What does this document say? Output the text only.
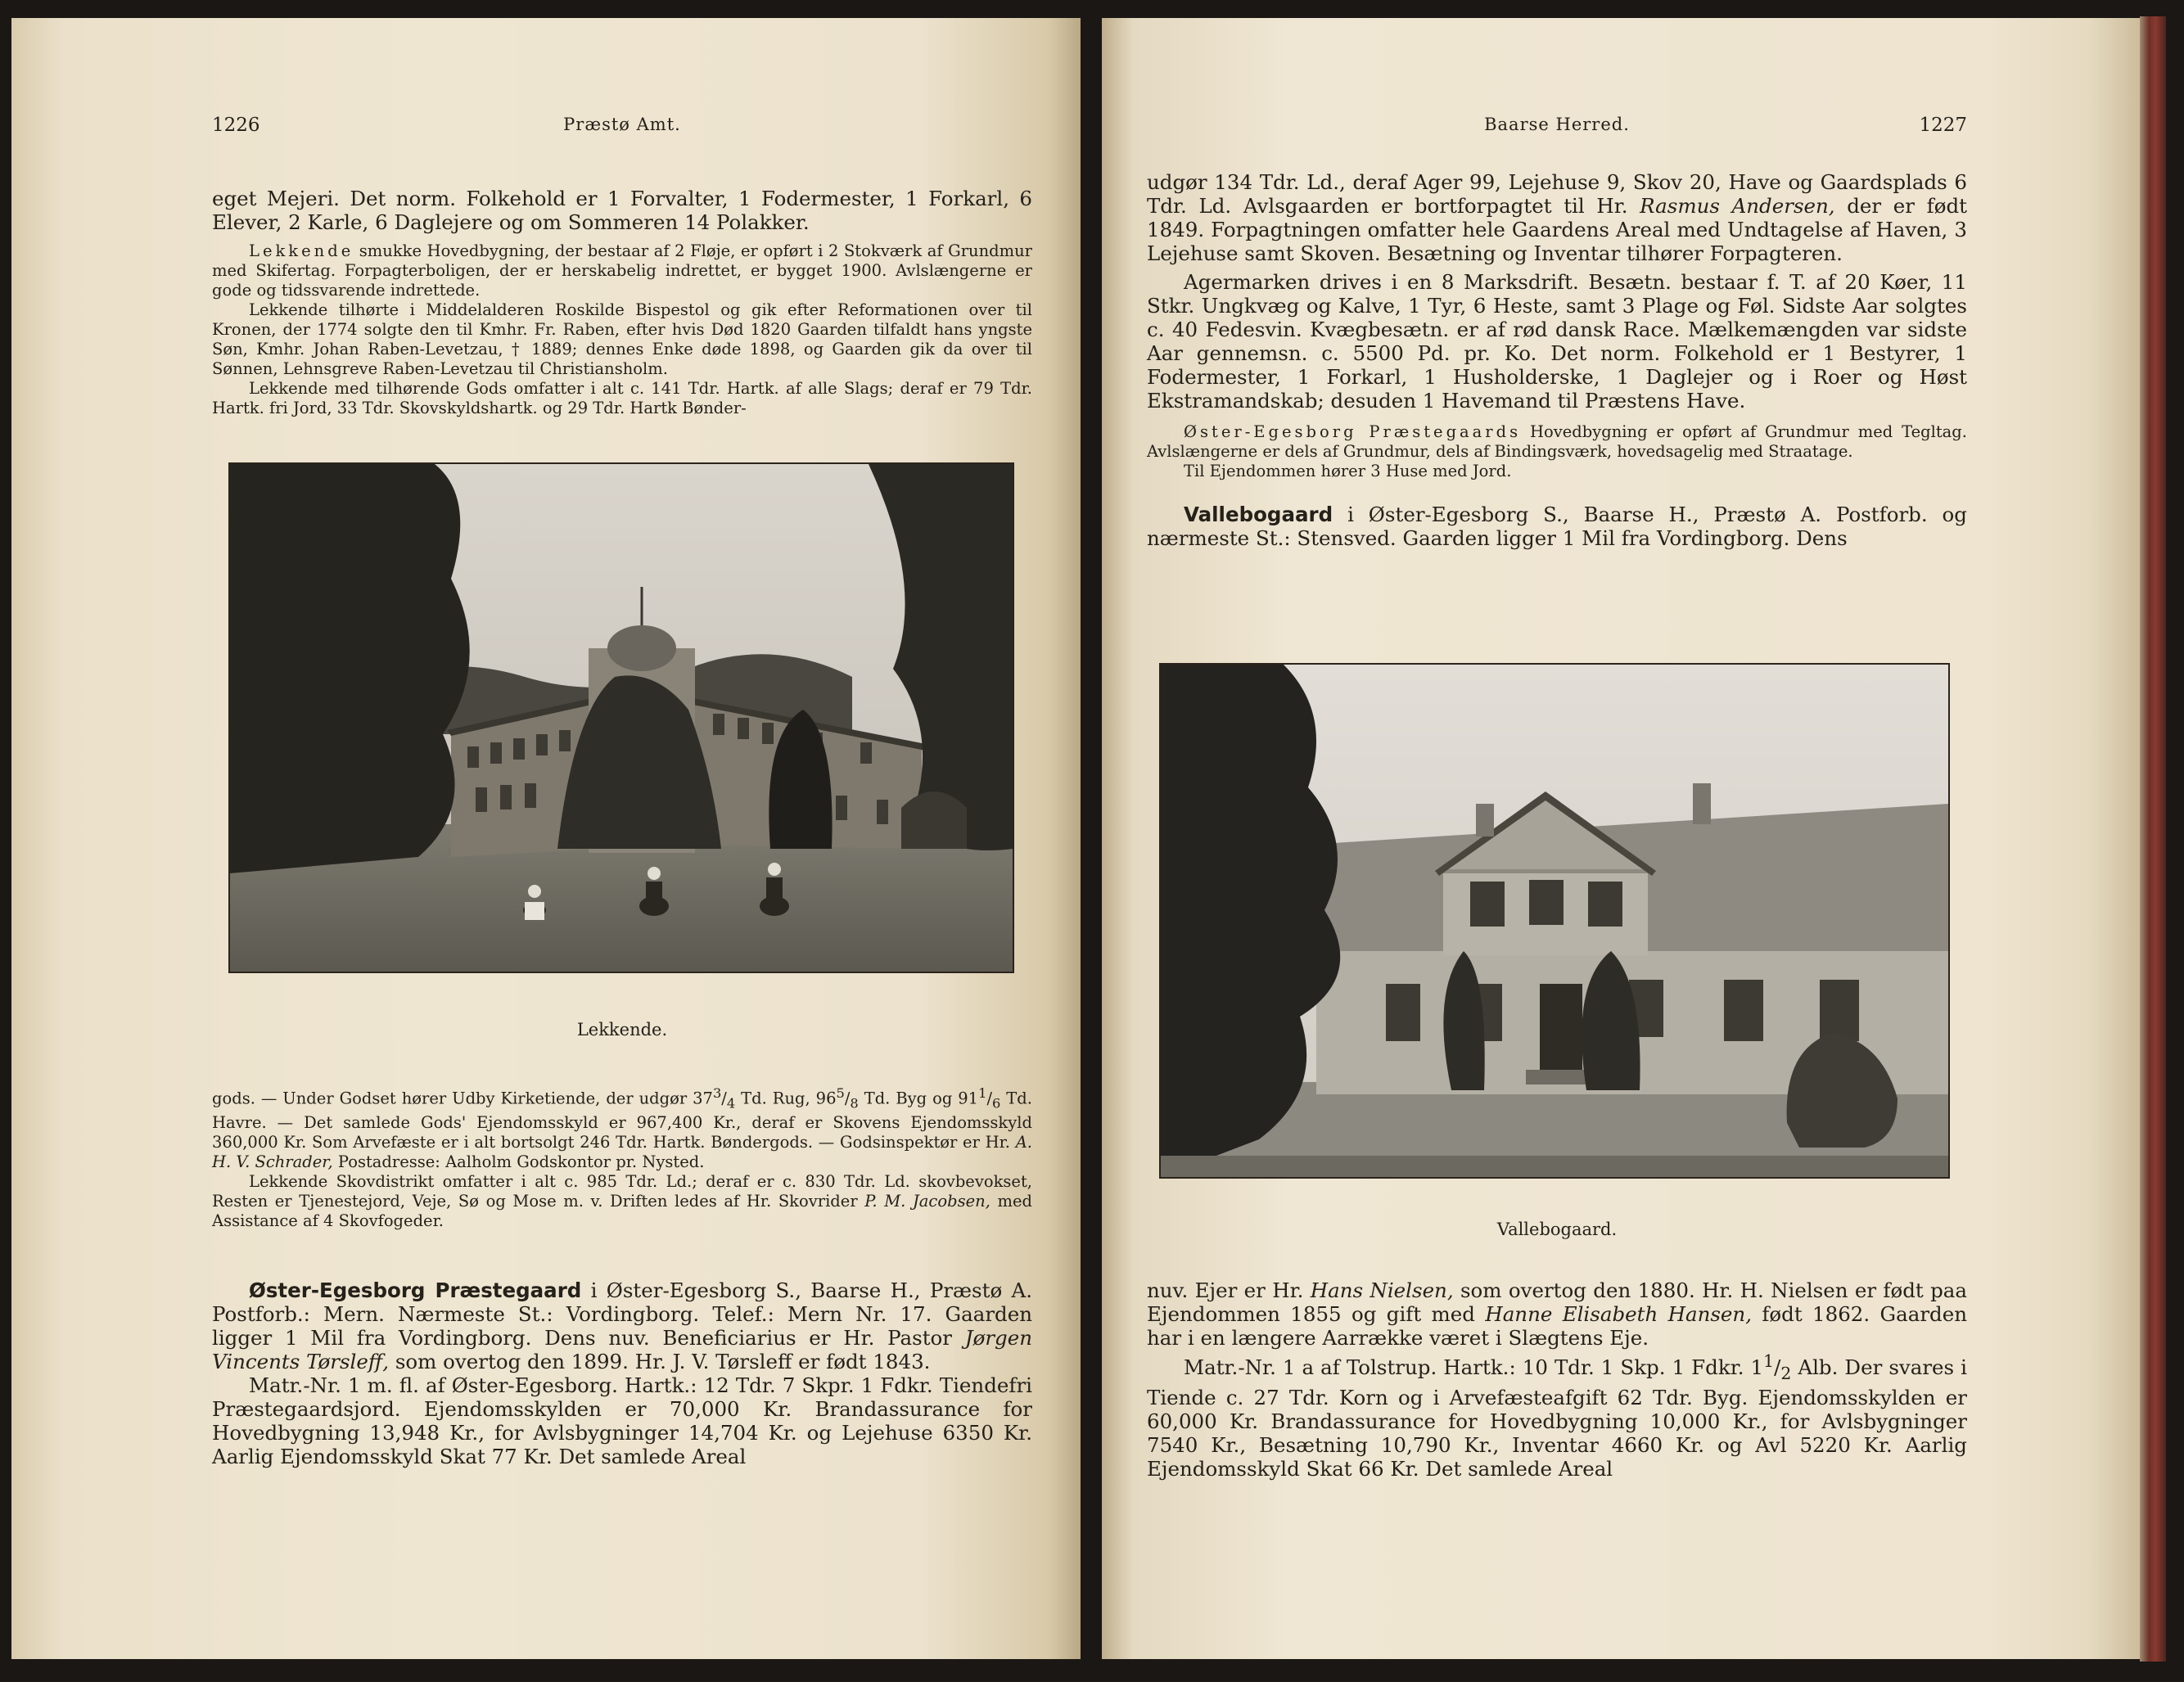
1226	Præstø Amt.

eget Mejeri. Det norm. Folkehold er 1 Forvalter, 1 Fodermester, 1 Forkarl, 6 Elever, 2 Karle, 6 Daglejere og om Sommeren 14 Polakker.

Lekkende smukke Hovedbygning, der bestaar af 2 Fløje, er opført i 2 Stokværk af Grundmur med Skifertag. Forpagterboligen, der er herskabelig indrettet, er bygget 1900. Avlslængerne er gode og tidssvarende indrettede.

Lekkende tilhørte i Middelalderen Roskilde Bispestol og gik efter Reformationen over til Kronen, der 1774 solgte den til Kmhr. Fr. Raben, efter hvis Død 1820 Gaarden tilfaldt hans yngste Søn, Kmhr. Johan Raben-Levetzau, † 1889; dennes Enke døde 1898, og Gaarden gik da over til Sønnen, Lehnsgreve Raben-Levetzau til Christiansholm.

Lekkende med tilhørende Gods omfatter i alt c. 141 Tdr. Hartk. af alle Slags; deraf er 79 Tdr. Hartk. fri Jord, 33 Tdr. Skovskyldshartk. og 29 Tdr. Hartk Bønder-

Lekkende.

gods. — Under Godset hører Udby Kirketiende, der udgør $37^3/_4$ Td. Rug, $96^5/_8$ Td. Byg og $91^1/_6$ Td. Havre. — Det samlede Gods' Ejendomsskyld er 967,400 Kr., deraf er Skovens Ejendomsskyld 360,000 Kr. Som Arvefæste er i alt bortsolgt 246 Tdr. Hartk. Bøndergods. — Godsinspektør er Hr. A. H. V. Schrader, Postadresse: Aalholm Godskontor pr. Nysted.

Lekkende Skovdistrikt omfatter i alt c. 985 Tdr. Ld.; deraf er c. 830 Tdr. Ld. skovbevokset, Resten er Tjenestejord, Veje, Sø og Mose m. v. Driften ledes af Hr. Skovrider P. M. Jacobsen, med Assistance af 4 Skovfogeder.

Øster-Egesborg Præstegaard i Øster-Egesborg S., Baarse H., Præstø A. Postforb.: Mern. Nærmeste St.: Vordingborg. Telef.: Mern Nr. 17. Gaarden ligger 1 Mil fra Vordingborg. Dens nuv. Beneficiarius er Hr. Pastor Jørgen Vincents Tørsleff, som overtog den 1899. Hr. J. V. Tørsleff er født 1843.

Matr.-Nr. 1 m. fl. af Øster-Egesborg. Hartk.: 12 Tdr. 7 Skpr. 1 Fdkr. Tiendefri Præstegaardsjord. Ejendomsskylden er 70,000 Kr. Brandassurance for Hovedbygning 13,948 Kr., for Avlsbygninger 14,704 Kr. og Lejehuse 6350 Kr. Aarlig Ejendomsskyld Skat 77 Kr. Det samlede Areal

Baarse Herred.	1227

udgør 134 Tdr. Ld., deraf Ager 99, Lejehuse 9, Skov 20, Have og Gaardsplads 6 Tdr. Ld. Avlsgaarden er bortforpagtet til Hr. Rasmus Andersen, der er født 1849. Forpagtningen omfatter hele Gaardens Areal med Undtagelse af Haven, 3 Lejehuse samt Skoven. Besætning og Inventar tilhører Forpagteren.

Agermarken drives i en 8 Marksdrift. Besætn. bestaar f. T. af 20 Køer, 11 Stkr. Ungkvæg og Kalve, 1 Tyr, 6 Heste, samt 3 Plage og Føl. Sidste Aar solgtes c. 40 Fedesvin. Kvægbesætn. er af rød dansk Race. Mælkemængden var sidste Aar gennemsn. c. 5500 Pd. pr. Ko. Det norm. Folkehold er 1 Bestyrer, 1 Fodermester, 1 Forkarl, 1 Husholderske, 1 Daglejer og i Roer og Høst Ekstramandskab; desuden 1 Havemand til Præstens Have.

Øster-Egesborg Præstegaards Hovedbygning er opført af Grundmur med Tegltag. Avlslængerne er dels af Grundmur, dels af Bindingsværk, hovedsagelig med Straatage.

Til Ejendommen hører 3 Huse med Jord.

Vallebogaard i Øster-Egesborg S., Baarse H., Præstø A. Postforb. og nærmeste St.: Stensved. Gaarden ligger 1 Mil fra Vordingborg. Dens

Vallebogaard.

nuv. Ejer er Hr. Hans Nielsen, som overtog den 1880. Hr. H. Nielsen er født paa Ejendommen 1855 og gift med Hanne Elisabeth Hansen, født 1862. Gaarden har i en længere Aarrække været i Slægtens Eje.

Matr.-Nr. 1 a af Tolstrup. Hartk.: 10 Tdr. 1 Skp. 1 Fdkr. $1^1/_2$ Alb. Der svares i Tiende c. 27 Tdr. Korn og i Arvefæsteafgift 62 Tdr. Byg. Ejendomsskylden er 60,000 Kr. Brandassurance for Hovedbygning 10,000 Kr., for Avlsbygninger 7540 Kr., Besætning 10,790 Kr., Inventar 4660 Kr. og Avl 5220 Kr. Aarlig Ejendomsskyld Skat 66 Kr. Det samlede Areal
